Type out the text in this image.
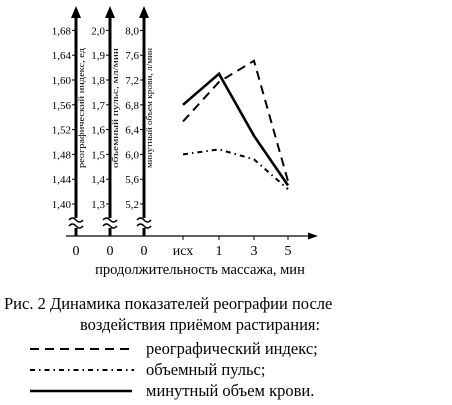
1,40
1,44
1,48
1,52
1,56
1,60
1,64
1,68
1,3
1,4
1,5
1,6
1,7
1,8
1,9
2,0
5,2
5,6
6,0
6,4
6,8
7,2
7,6
8,0
реографический индекс, ед	объемный пульс, мл/мин	минутный объем крови, л/мин
0 0 0 исх 1 3 5
продолжительность массажа, мин
Рис. 2 Динамика показателей реографии после
воздействия приёмом растирания:
реографический индекс;
объемный пульс;
минутный объем крови.
